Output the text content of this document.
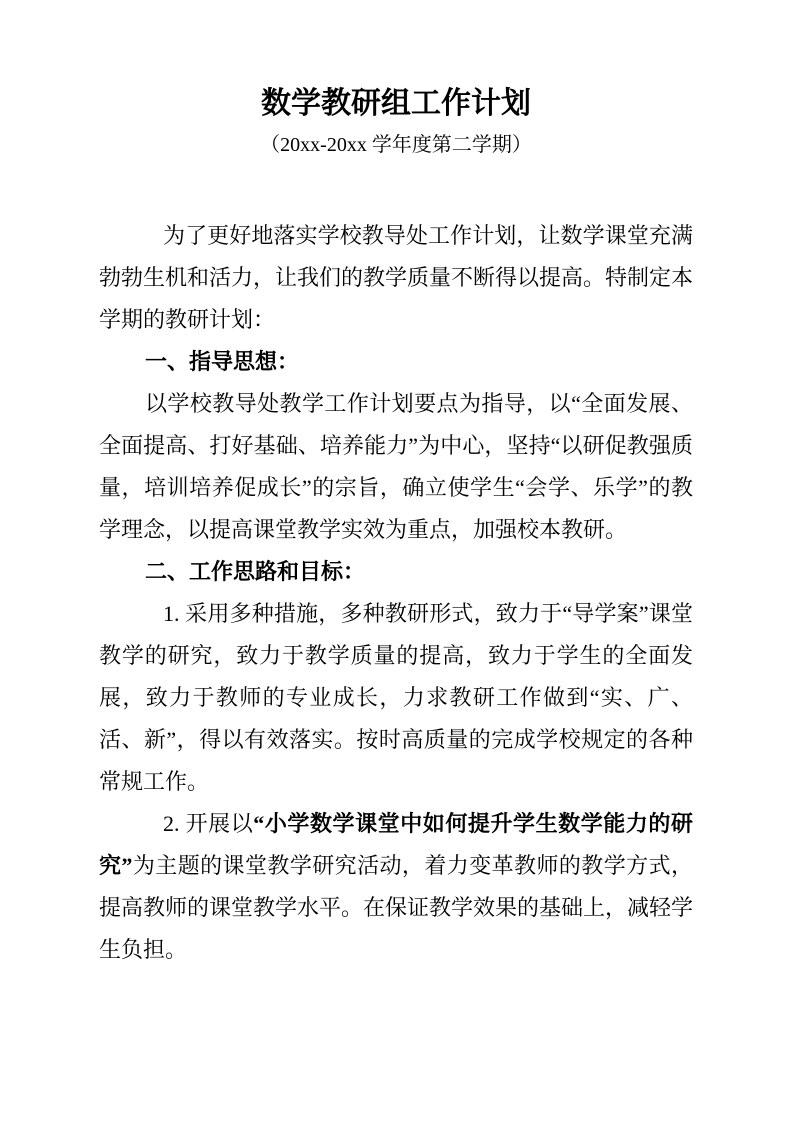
数学教研组工作计划
（20xx-20xx 学年度第二学期）

为了更好地落实学校教导处工作计划，让数学课堂充满勃勃生机和活力，让我们的教学质量不断得以提高。特制定本学期的教研计划：

一、指导思想：

以学校教导处教学工作计划要点为指导，以“全面发展、全面提高、打好基础、培养能力”为中心，坚持“以研促教强质量，培训培养促成长”的宗旨，确立使学生“会学、乐学”的教学理念，以提高课堂教学实效为重点，加强校本教研。

二、工作思路和目标：

1. 采用多种措施，多种教研形式，致力于“导学案”课堂教学的研究，致力于教学质量的提高，致力于学生的全面发展，致力于教师的专业成长，力求教研工作做到“实、广、活、新”，得以有效落实。按时高质量的完成学校规定的各种常规工作。

2. 开展以“小学数学课堂中如何提升学生数学能力的研究”为主题的课堂教学研究活动，着力变革教师的教学方式，提高教师的课堂教学水平。在保证教学效果的基础上，减轻学生负担。
